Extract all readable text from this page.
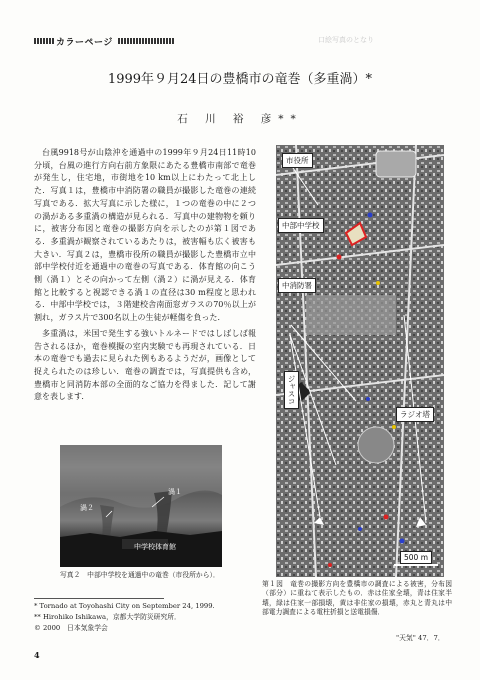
カラーページ	口絵写真のとなり
1999年９月24日の豊橋市の竜巻（多重渦）*
石 川 裕 彦**

台風9918号が山陰沖を通過中の1999年９月24日11時10分頃，台風の進行方向右前方象限にあたる豊橋市南部で竜巻が発生し，住宅地，市街地を10 km以上にわたって北上した．写真１は，豊橋市中消防署の職員が撮影した竜巻の連続写真である．拡大写真に示した様に，１つの竜巻の中に２つの渦がある多重渦の構造が見られる．写真中の建物物を頼りに，被害分布図と竜巻の撮影方向を示したのが第１図である．多重渦が観察されているあたりは，被害幅も広く被害も大きい．写真２は，豊橋市役所の職員が撮影した豊橋市立中部中学校付近を通過中の竜巻の写真である．体育館の向こう側（渦１）とその向かって左側（渦２）に渦が見える．体育館と比較すると視認できる渦１の直径は30 m程度と思われる．中部中学校では，３階建校舎南面窓ガラスの70％以上が割れ，ガラス片で300名以上の生徒が軽傷を負った．

多重渦は，米国で発生する強いトルネードではしばしば報告されるほか，竜巻模擬の室内実験でも再現されている．日本の竜巻でも過去に見られた例もあるようだが，画像として捉えられたのは珍しい．竜巻の調査では，写真提供も含め，豊橋市と同消防本部の全面的なご協力を得ました．記して謝意を表します．

渦１
渦２
中学校体育館
写真２　中部中学校を通過中の竜巻（市役所から）．
* Tornado at Toyohashi City on September 24, 1999.
** Hirohiko Ishikawa，京都大学防災研究所．
© 2000　日本気象学会
4
市役所
中部中学校
中消防署
ジャスコ
ラジオ塔
500 m
第１図　竜巻の撮影方向を豊橋市の調査による被害，分布図（部分）に重ねて表示したもの．赤は住家全壊，青は住家半壊，緑は住家一部損壊，黄は非住家の損壊，赤丸と青丸は中部電力調査による電柱折損と送電損傷．
"天気" 47．7．
